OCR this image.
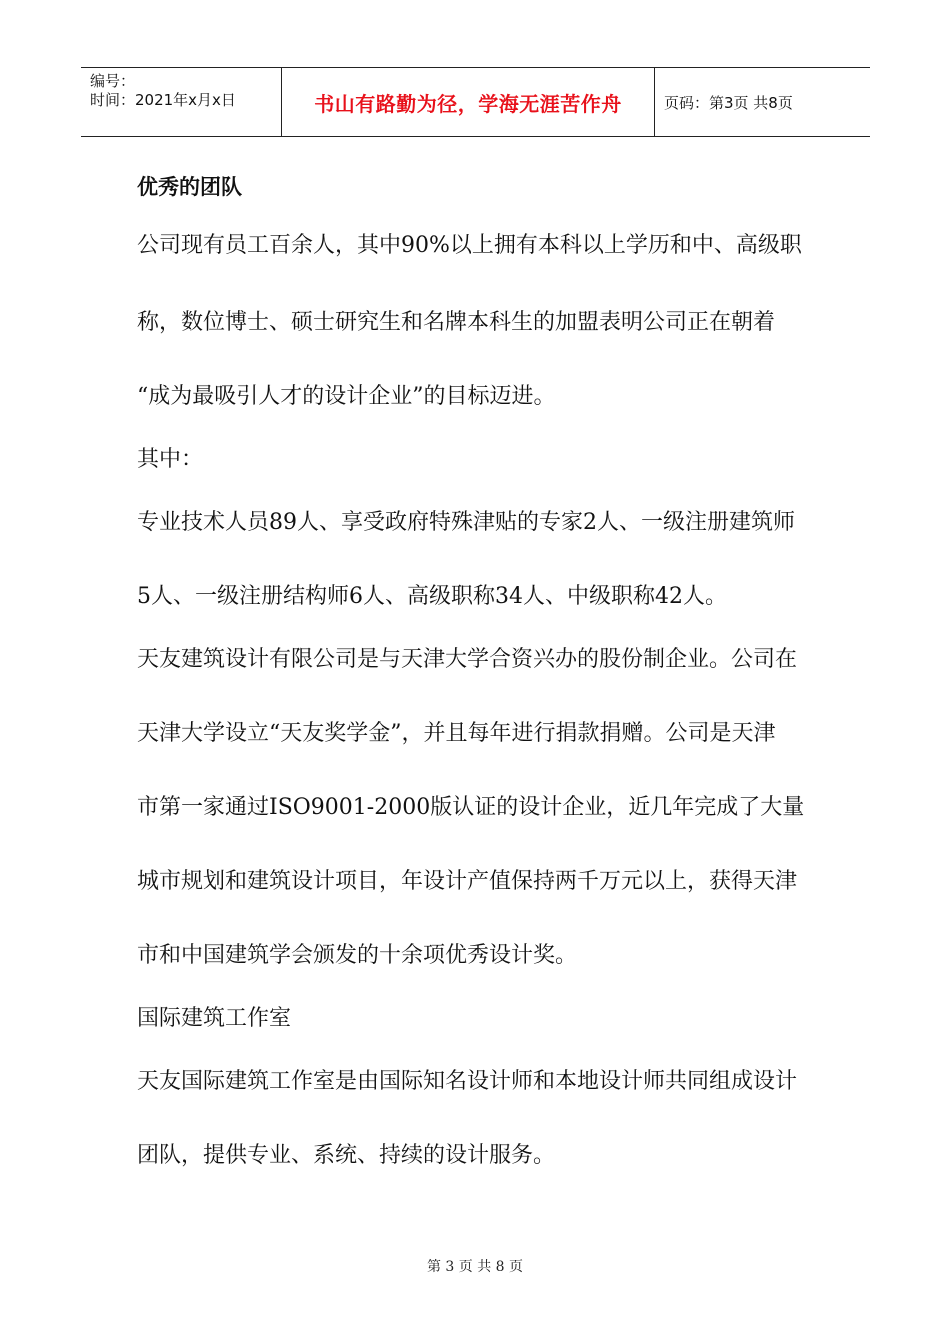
编号：
时间：2021年x月x日	书山有路勤为径，学海无涯苦作舟	页码：第3页 共8页
优秀的团队
公司现有员工百余人，其中90%以上拥有本科以上学历和中、高级职
称，数位博士、硕士研究生和名牌本科生的加盟表明公司正在朝着
“成为最吸引人才的设计企业”的目标迈进。
其中：
专业技术人员89人、享受政府特殊津贴的专家2人、一级注册建筑师
5人、一级注册结构师6人、高级职称34人、中级职称42人。
天友建筑设计有限公司是与天津大学合资兴办的股份制企业。公司在
天津大学设立“天友奖学金”，并且每年进行捐款捐赠。公司是天津
市第一家通过ISO9001-2000版认证的设计企业，近几年完成了大量
城市规划和建筑设计项目，年设计产值保持两千万元以上，获得天津
市和中国建筑学会颁发的十余项优秀设计奖。
国际建筑工作室
天友国际建筑工作室是由国际知名设计师和本地设计师共同组成设计
团队，提供专业、系统、持续的设计服务。
第 3 页 共 8 页
